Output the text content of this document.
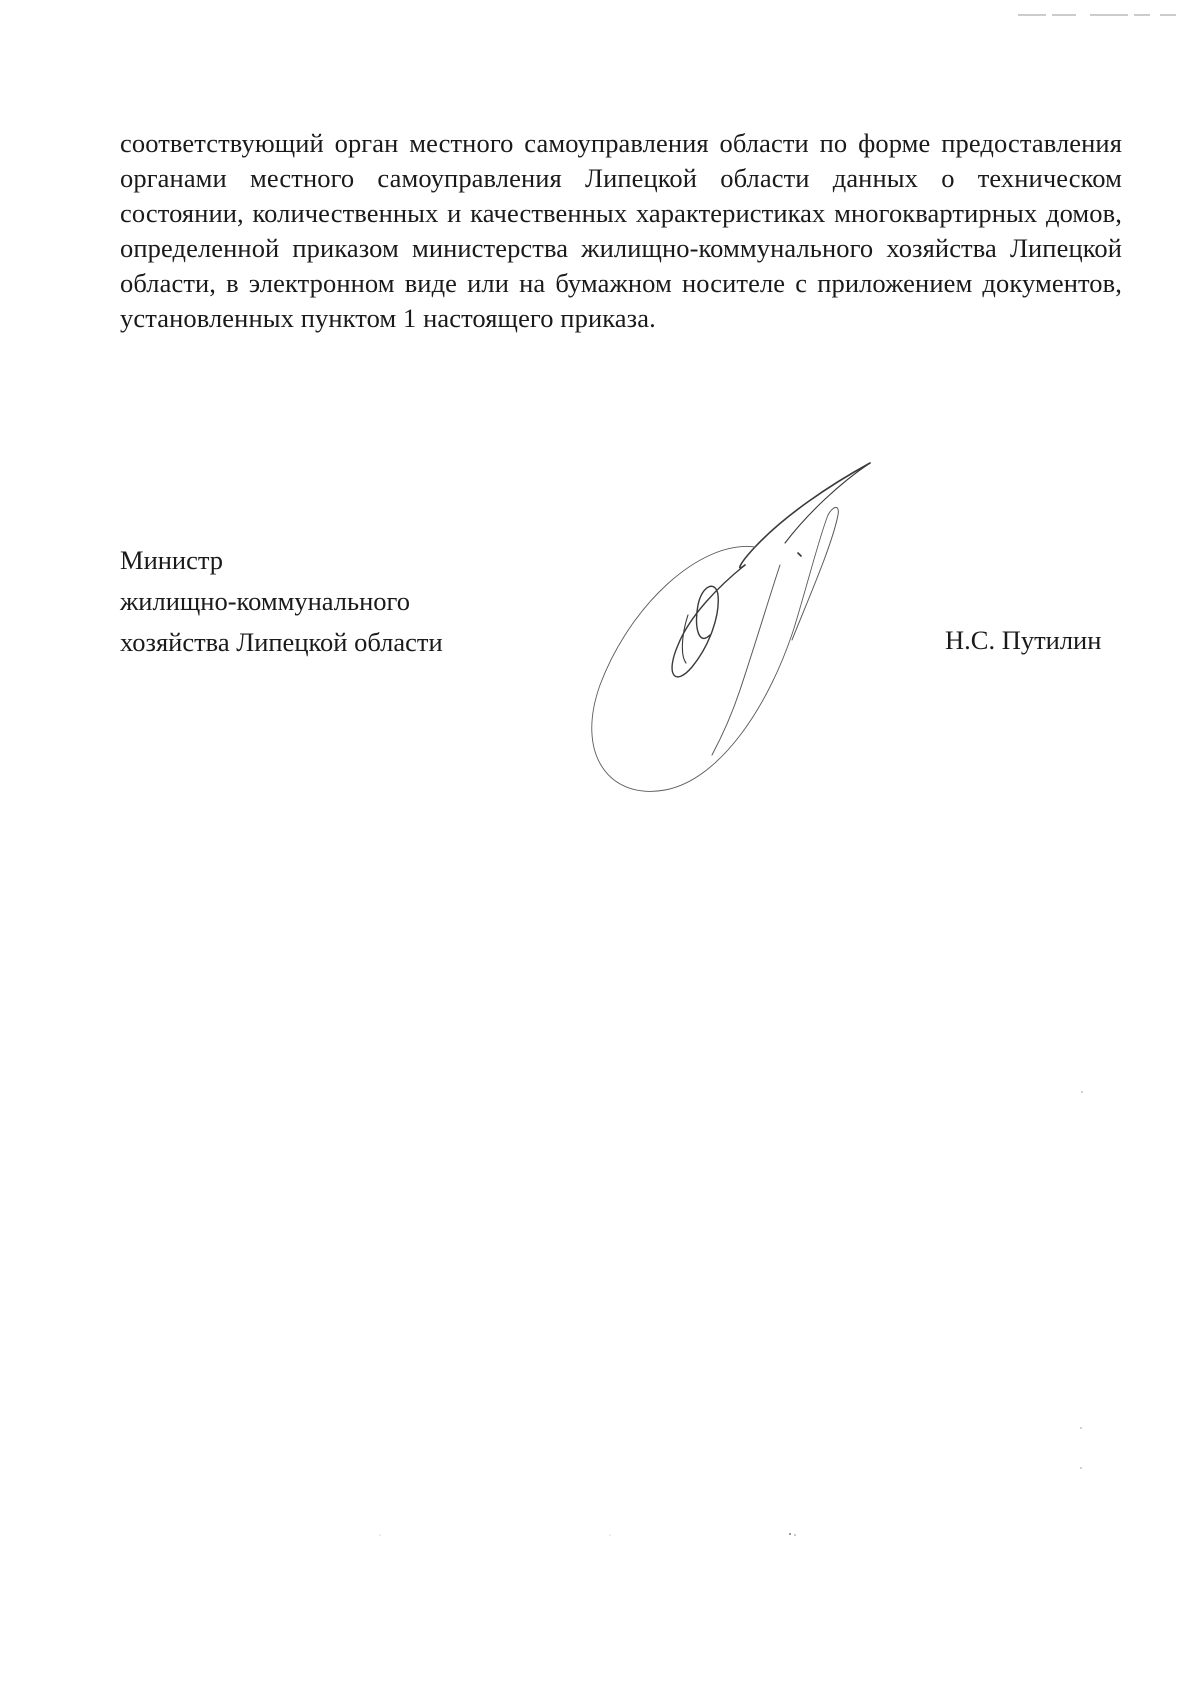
соответствующий орган местного самоуправления области по форме предоставления органами местного самоуправления Липецкой области данных о техническом состоянии, количественных и качественных характеристиках многоквартирных домов, определенной приказом министерства жилищно-коммунального хозяйства Липецкой области, в электронном виде или на бумажном носителе с приложением документов, установленных пунктом 1 настоящего приказа.

Министр
жилищно-коммунального
хозяйства Липецкой области	Н.С. Путилин
